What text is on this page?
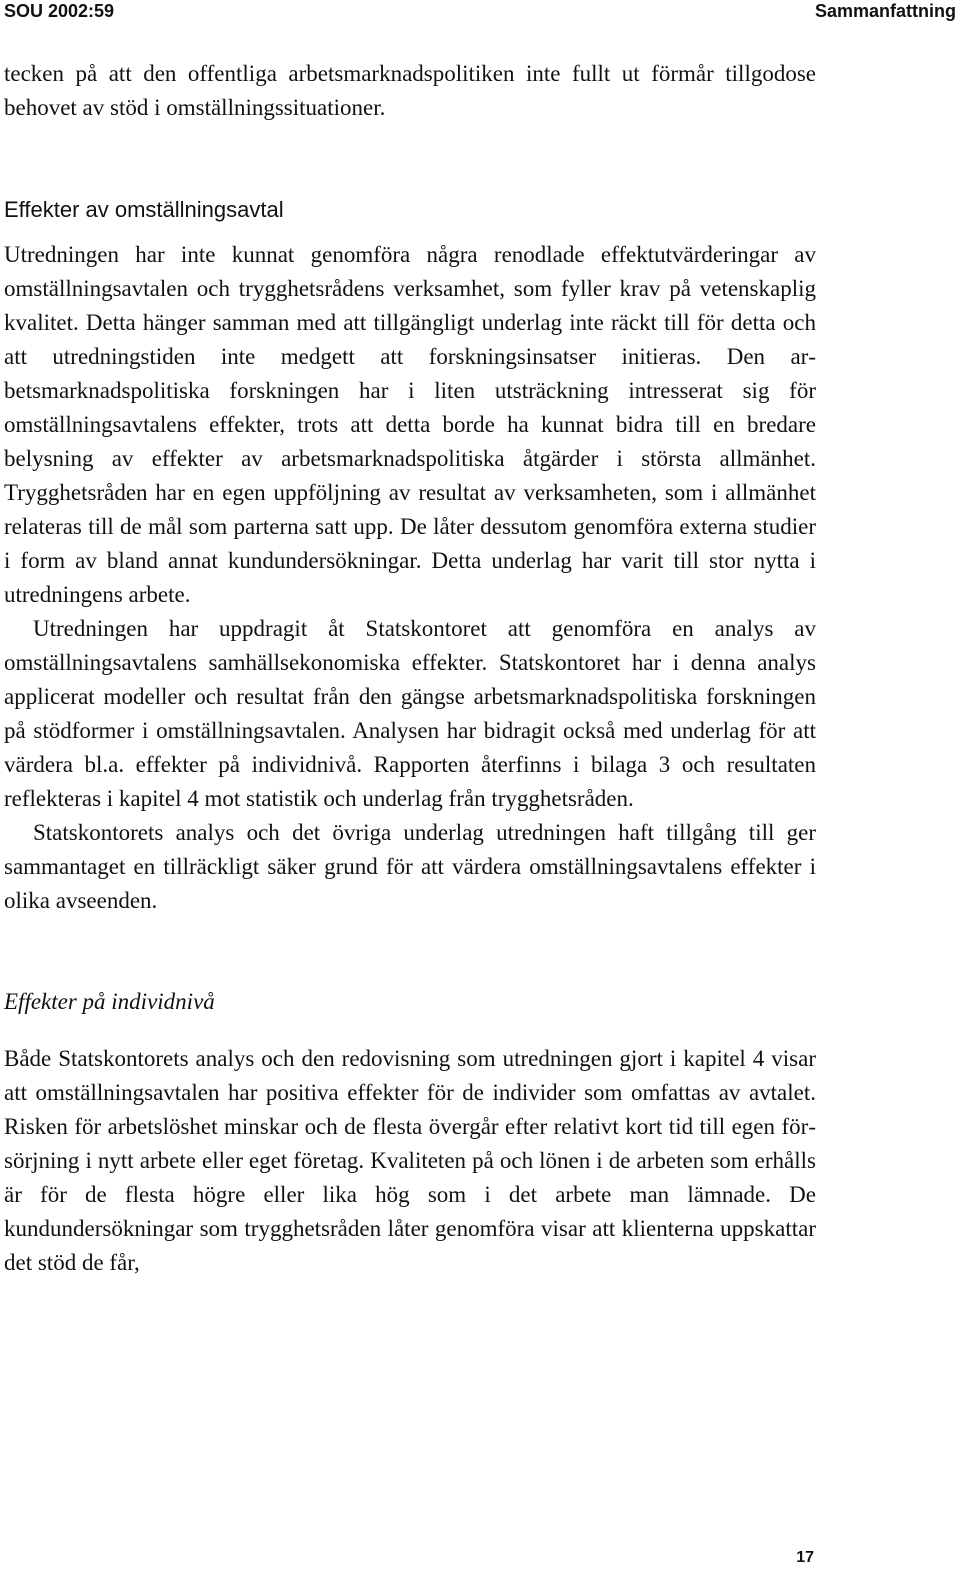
SOU 2002:59	Sammanfattning

tecken på att den offentliga arbetsmarknadspolitiken inte fullt ut förmår tillgodose behovet av stöd i omställningssituationer.

Effekter av omställningsavtal

Utredningen har inte kunnat genomföra några renodlade effektutvärderingar av omställningsavtalen och trygghetsrådens verksamhet, som fyller krav på vetenskaplig kvalitet. Detta hänger samman med att tillgängligt underlag inte räckt till för detta och att utredningstiden inte medgett att forskningsinsatser initieras. Den arbetsmarknadspolitiska forskningen har i liten utsträckning intresserat sig för omställningsavtalens effekter, trots att detta borde ha kunnat bidra till en bredare belysning av effekter av arbetsmarknadspolitiska åtgärder i största allmänhet. Trygghetsråden har en egen uppföljning av resultat av verksamheten, som i allmänhet relateras till de mål som parterna satt upp. De låter dessutom genomföra externa studier i form av bland annat kundundersökningar. Detta underlag har varit till stor nytta i utredningens arbete.

Utredningen har uppdragit åt Statskontoret att genomföra en analys av omställningsavtalens samhällsekonomiska effekter. Statskontoret har i denna analys applicerat modeller och resultat från den gängse arbetsmarknadspolitiska forskningen på stödformer i omställningsavtalen. Analysen har bidragit också med underlag för att värdera bl.a. effekter på individnivå. Rapporten återfinns i bilaga 3 och resultaten reflekteras i kapitel 4 mot statistik och underlag från trygghetsråden.

Statskontorets analys och det övriga underlag utredningen haft tillgång till ger sammantaget en tillräckligt säker grund för att värdera omställningsavtalens effekter i olika avseenden.

Effekter på individnivå

Både Statskontorets analys och den redovisning som utredningen gjort i kapitel 4 visar att omställningsavtalen har positiva effekter för de individer som omfattas av avtalet. Risken för arbetslöshet minskar och de flesta övergår efter relativt kort tid till egen försörjning i nytt arbete eller eget företag. Kvaliteten på och lönen i de arbeten som erhålls är för de flesta högre eller lika hög som i det arbete man lämnade. De kundundersökningar som trygghetsråden låter genomföra visar att klienterna uppskattar det stöd de får,

17
